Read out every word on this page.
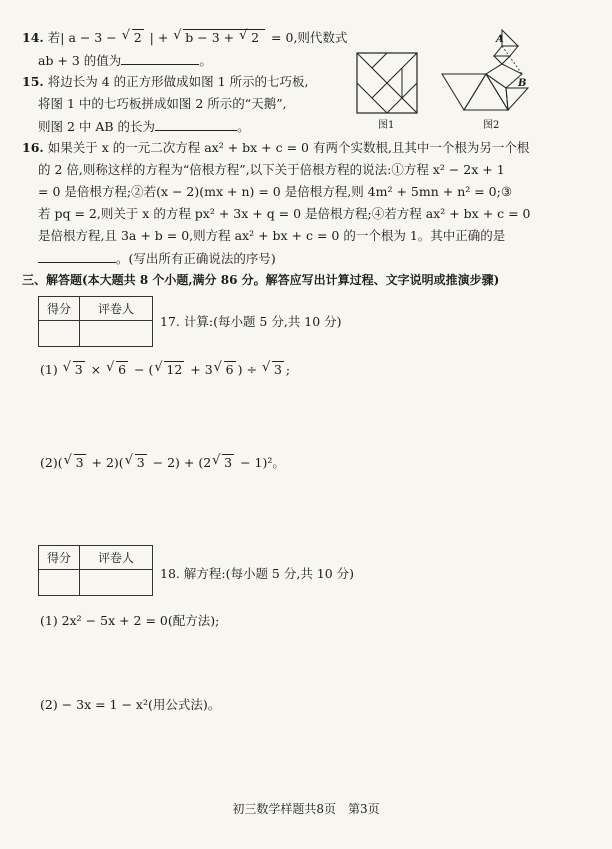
14. 若| a − 3 − √ 2 | + √ b − 3 + √ 2 = 0,则代数式
ab + 3 的值为	。
15. 将边长为 4 的正方形做成如图 1 所示的七巧板,
将图 1 中的七巧板拼成如图 2 所示的“天鹅”,
则图 2 中 AB 的长为	。	图1
A
B
图2
16. 如果关于 x 的一元二次方程 ax² + bx + c = 0 有两个实数根,且其中一个根为另一个根
的 2 倍,则称这样的方程为“倍根方程”,以下关于倍根方程的说法:①方程 x² − 2x + 1
= 0 是倍根方程;②若(x − 2)(mx + n) = 0 是倍根方程,则 4m² + 5mn + n² = 0;③
若 pq = 2,则关于 x 的方程 px² + 3x + q = 0 是倍根方程;④若方程 ax² + bx + c = 0
是倍根方程,且 3a + b = 0,则方程 ax² + bx + c = 0 的一个根为 1。其中正确的是
。(写出所有正确说法的序号)
三、解答题(本大题共 8 个小题,满分 86 分。解答应写出计算过程、文字说明或推演步骤)
得分	评卷人

17. 计算:(每小题 5 分,共 10 分)
(1) √ 3 × √ 6 − ( √ 12 + 3 √ 6 ) ÷ √ 3 ;
(2)( √ 3 + 2)( √ 3 − 2) + (2 √ 3 − 1)²。
得分	评卷人

18. 解方程:(每小题 5 分,共 10 分)
(1) 2x² − 5x + 2 = 0(配方法);
(2) − 3x = 1 − x²(用公式法)。
初三数学样题共8页　第3页
